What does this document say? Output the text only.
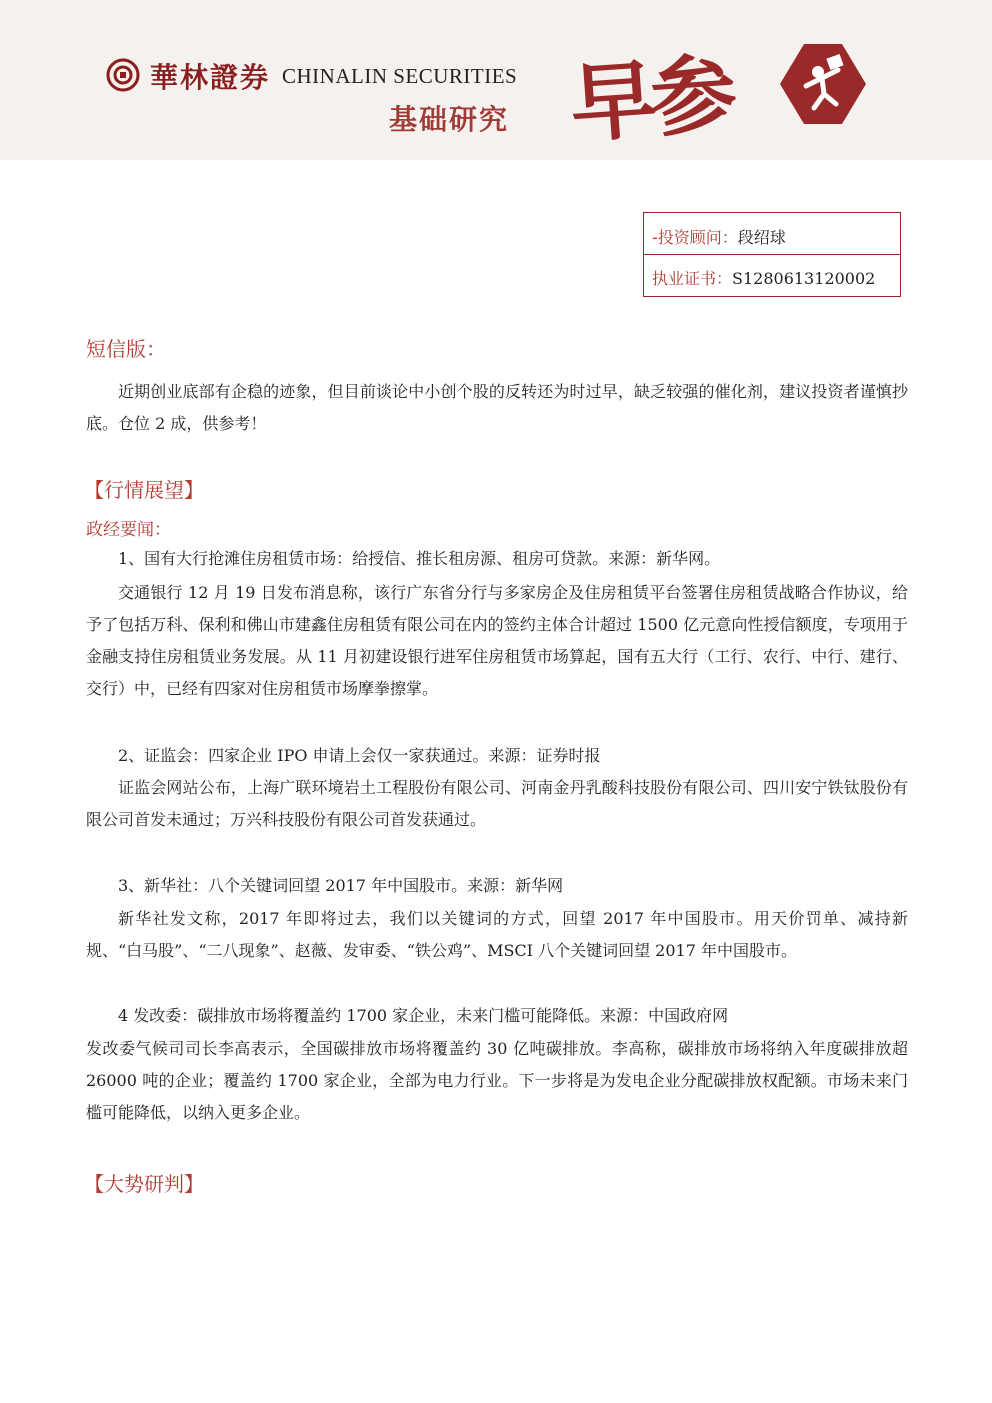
華林證券 CHINALIN SECURITIES
基础研究 早参
-投资顾问：段绍球
执业证书：S1280613120002
短信版：
近期创业底部有企稳的迹象，但目前谈论中小创个股的反转还为时过早，缺乏较强的催化剂，建议投资者谨慎抄底。仓位 2 成，供参考！
【行情展望】
政经要闻：
1、国有大行抢滩住房租赁市场：给授信、推长租房源、租房可贷款。来源：新华网。
交通银行 12 月 19 日发布消息称，该行广东省分行与多家房企及住房租赁平台签署住房租赁战略合作协议，给予了包括万科、保利和佛山市建鑫住房租赁有限公司在内的签约主体合计超过 1500 亿元意向性授信额度，专项用于金融支持住房租赁业务发展。从 11 月初建设银行进军住房租赁市场算起，国有五大行（工行、农行、中行、建行、交行）中，已经有四家对住房租赁市场摩拳擦掌。
2、证监会：四家企业 IPO 申请上会仅一家获通过。来源：证券时报
证监会网站公布，上海广联环境岩土工程股份有限公司、河南金丹乳酸科技股份有限公司、四川安宁铁钛股份有限公司首发未通过；万兴科技股份有限公司首发获通过。
3、新华社：八个关键词回望 2017 年中国股市。来源：新华网
新华社发文称，2017 年即将过去，我们以关键词的方式，回望 2017 年中国股市。用天价罚单、减持新规、“白马股”、“二八现象”、赵薇、发审委、“铁公鸡”、MSCI 八个关键词回望 2017 年中国股市。
4 发改委：碳排放市场将覆盖约 1700 家企业，未来门槛可能降低。来源：中国政府网
发改委气候司司长李高表示，全国碳排放市场将覆盖约 30 亿吨碳排放。李高称，碳排放市场将纳入年度碳排放超 26000 吨的企业；覆盖约 1700 家企业，全部为电力行业。下一步将是为发电企业分配碳排放权配额。市场未来门槛可能降低，以纳入更多企业。
【大势研判】
